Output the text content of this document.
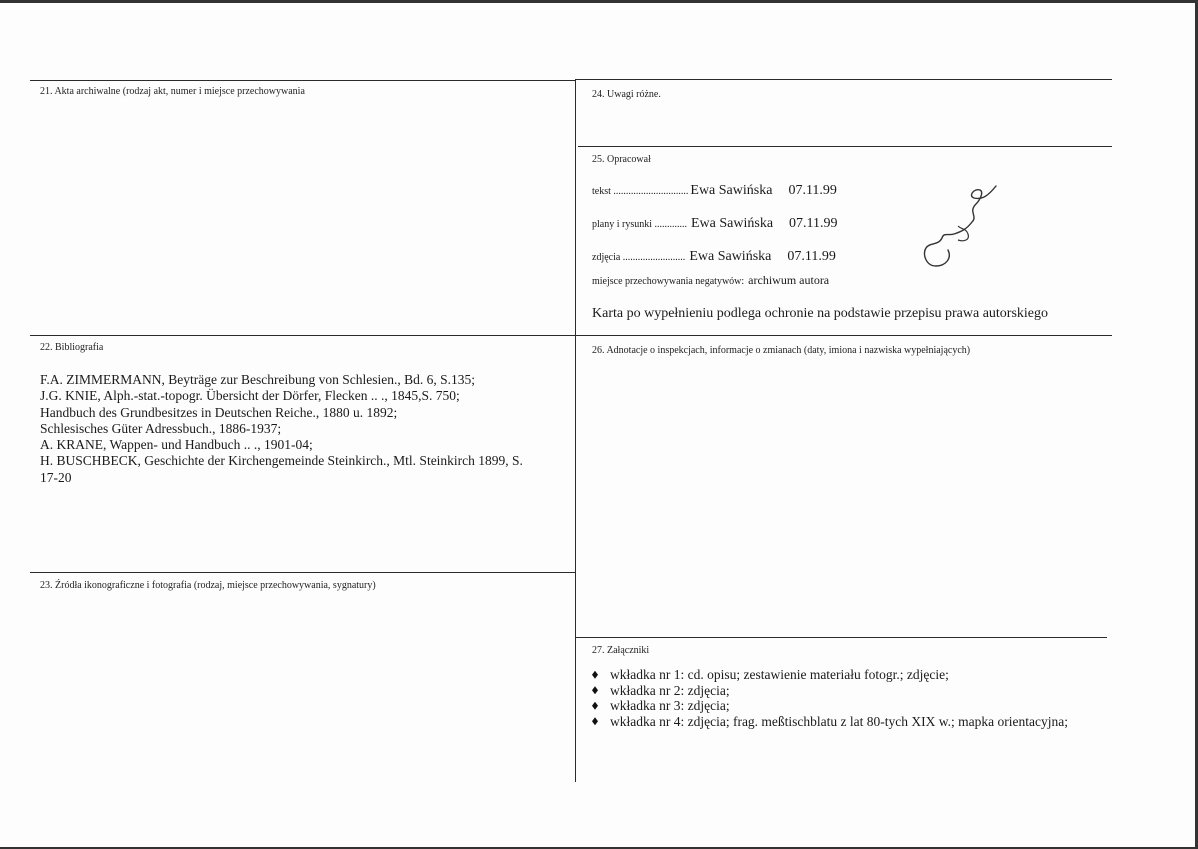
21. Akta archiwalne (rodzaj akt, numer i miejsce przechowywania	24. Uwagi różne.
25. Opracował
tekst .............................. Ewa Sawińska 07.11.99
plany i rysunki ............. Ewa Sawińska 07.11.99
zdjęcia ......................... Ewa Sawińska 07.11.99
miejsce przechowywania negatywów: archiwum autora
Karta po wypełnieniu podlega ochronie na podstawie przepisu prawa autorskiego
22. Bibliografia
F.A. ZIMMERMANN, Beyträge zur Beschreibung von Schlesien., Bd. 6, S.135;
J.G. KNIE, Alph.-stat.-topogr. Übersicht der Dörfer, Flecken .. ., 1845,S. 750;
Handbuch des Grundbesitzes in Deutschen Reiche., 1880 u. 1892;
Schlesisches Güter Adressbuch., 1886-1937;
A. KRANE, Wappen- und Handbuch .. ., 1901-04;
H. BUSCHBECK, Geschichte der Kirchengemeinde Steinkirch., Mtl. Steinkirch 1899, S.
17-20
26. Adnotacje o inspekcjach, informacje o zmianach (daty, imiona i nazwiska wypełniających)
23. Źródła ikonograficzne i fotografia (rodzaj, miejsce przechowywania, sygnatury)
27. Załączniki
wkładka nr 1: cd. opisu; zestawienie materiału fotogr.; zdjęcie;
wkładka nr 2: zdjęcia;
wkładka nr 3: zdjęcia;
wkładka nr 4: zdjęcia; frag. meßtischblatu z lat 80-tych XIX w.; mapka orientacyjna;
